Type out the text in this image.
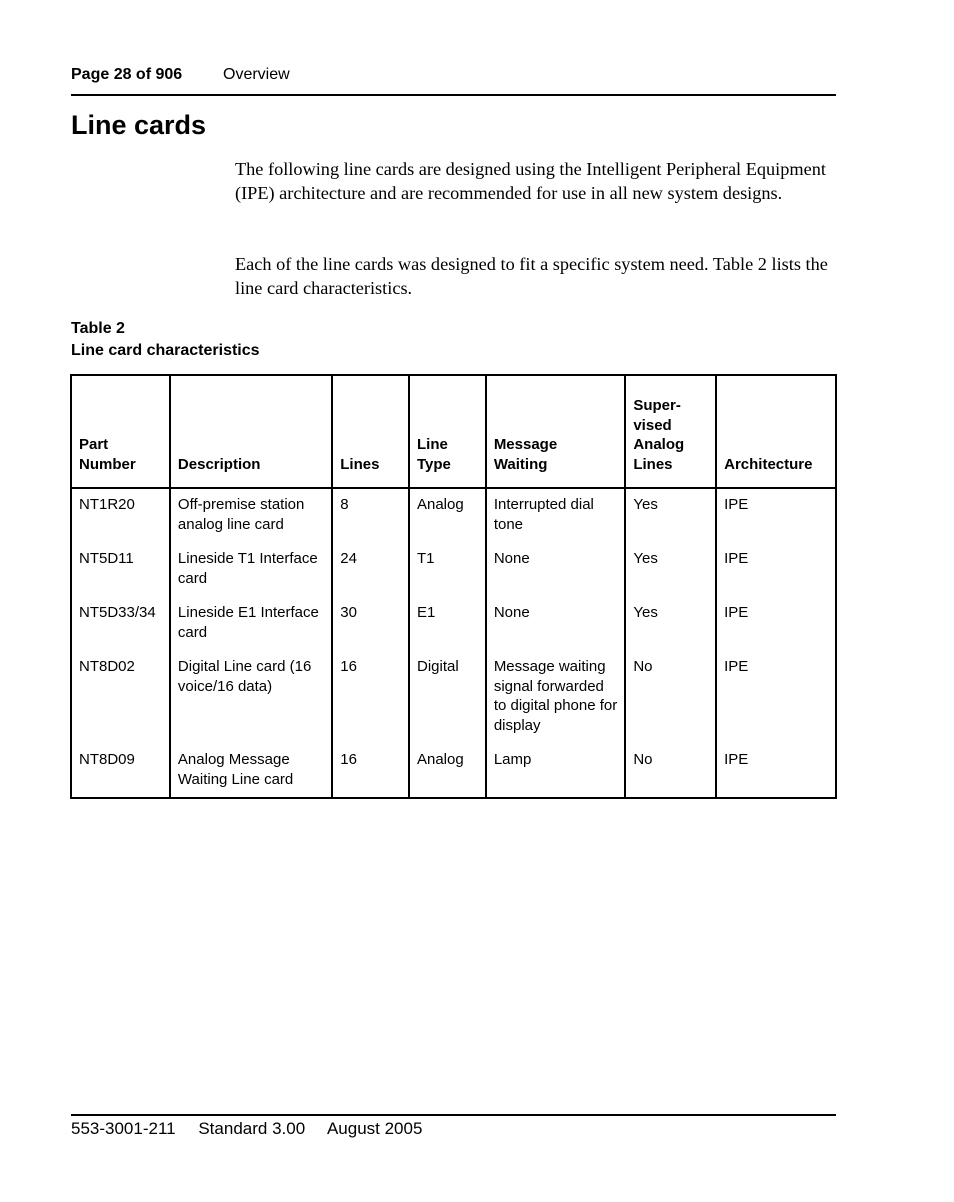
Page 28 of 906	Overview
Line cards

The following line cards are designed using the Intelligent Peripheral Equipment (IPE) architecture and are recommended for use in all new system designs.

Each of the line cards was designed to fit a specific system need. Table 2 lists the line card characteristics.

Table 2
Line card characteristics
Part Number	Description	Lines	Line Type	Message Waiting	Super-vised Analog Lines	Architecture
NT1R20	Off-premise station analog line card	8	Analog	Interrupted dial tone	Yes	IPE
NT5D11	Lineside T1 Interface card	24	T1	None	Yes	IPE
NT5D33/34	Lineside E1 Interface card	30	E1	None	Yes	IPE
NT8D02	Digital Line card (16 voice/16 data)	16	Digital	Message waiting signal forwarded to digital phone for display	No	IPE
NT8D09	Analog Message Waiting Line card	16	Analog	Lamp	No	IPE
553-3001-211 Standard 3.00 August 2005
